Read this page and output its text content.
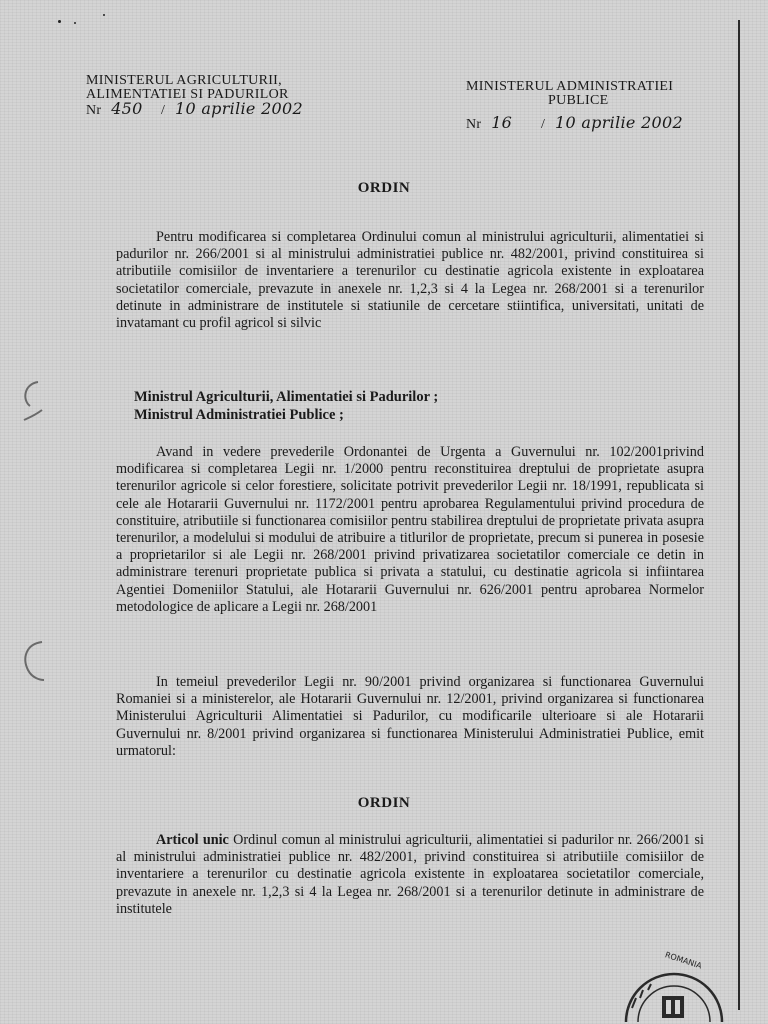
MINISTERUL AGRICULTURII,
ALIMENTATIEI SI PADURILOR
Nr 450 / 10 aprilie 2002
MINISTERUL ADMINISTRATIEI
PUBLICE
Nr 16 / 10 aprilie 2002
ORDIN
Pentru modificarea si completarea Ordinului comun al ministrului agriculturii, alimentatiei si padurilor nr. 266/2001 si al ministrului administratiei publice nr. 482/2001, privind constituirea si atributiile comisiilor de inventariere a terenurilor cu destinatie agricola existente in exploatarea societatilor comerciale, prevazute in anexele nr. 1,2,3 si 4 la Legea nr. 268/2001 si a terenurilor detinute in administrare de institutele si statiunile de cercetare stiintifica, universitati, unitati de invatamant cu profil agricol si silvic
Ministrul Agriculturii, Alimentatiei si Padurilor ;
Ministrul Administratiei Publice ;
Avand in vedere prevederile Ordonantei de Urgenta a Guvernului nr. 102/2001privind modificarea si completarea Legii nr. 1/2000 pentru reconstituirea dreptului de proprietate asupra terenurilor agricole si celor forestiere, solicitate potrivit prevederilor Legii nr. 18/1991, republicata si cele ale Hotararii Guvernului nr. 1172/2001 pentru aprobarea Regulamentului privind procedura de constituire, atributiile si functionarea comisiilor pentru stabilirea dreptului de proprietate privata asupra terenurilor, a modelului si modului de atribuire a titlurilor de proprietate, precum si punerea in posesie a proprietarilor si ale Legii nr. 268/2001 privind privatizarea societatilor comerciale ce detin in administrare terenuri proprietate publica si privata a statului, cu destinatie agricola si infiintarea Agentiei Domeniilor Statului, ale Hotararii Guvernului nr. 626/2001 pentru aprobarea Normelor metodologice de aplicare a Legii nr. 268/2001
In temeiul prevederilor Legii nr. 90/2001 privind organizarea si functionarea Guvernului Romaniei si a ministerelor, ale Hotararii Guvernului nr. 12/2001, privind organizarea si functionarea Ministerului Agriculturii Alimentatiei si Padurilor, cu modificarile ulterioare si ale Hotararii Guvernului nr. 8/2001 privind organizarea si functionarea Ministerului Administratiei Publice, emit urmatorul:
ORDIN
Articol unic Ordinul comun al ministrului agriculturii, alimentatiei si padurilor nr. 266/2001 si al ministrului administratiei publice nr. 482/2001, privind constituirea si atributiile comisiilor de inventariere a terenurilor cu destinatie agricola existente in exploatarea societatilor comerciale, prevazute in anexele nr. 1,2,3 si 4 la Legea nr. 268/2001 si a terenurilor detinute in administrare de institutele
ROMANIA
